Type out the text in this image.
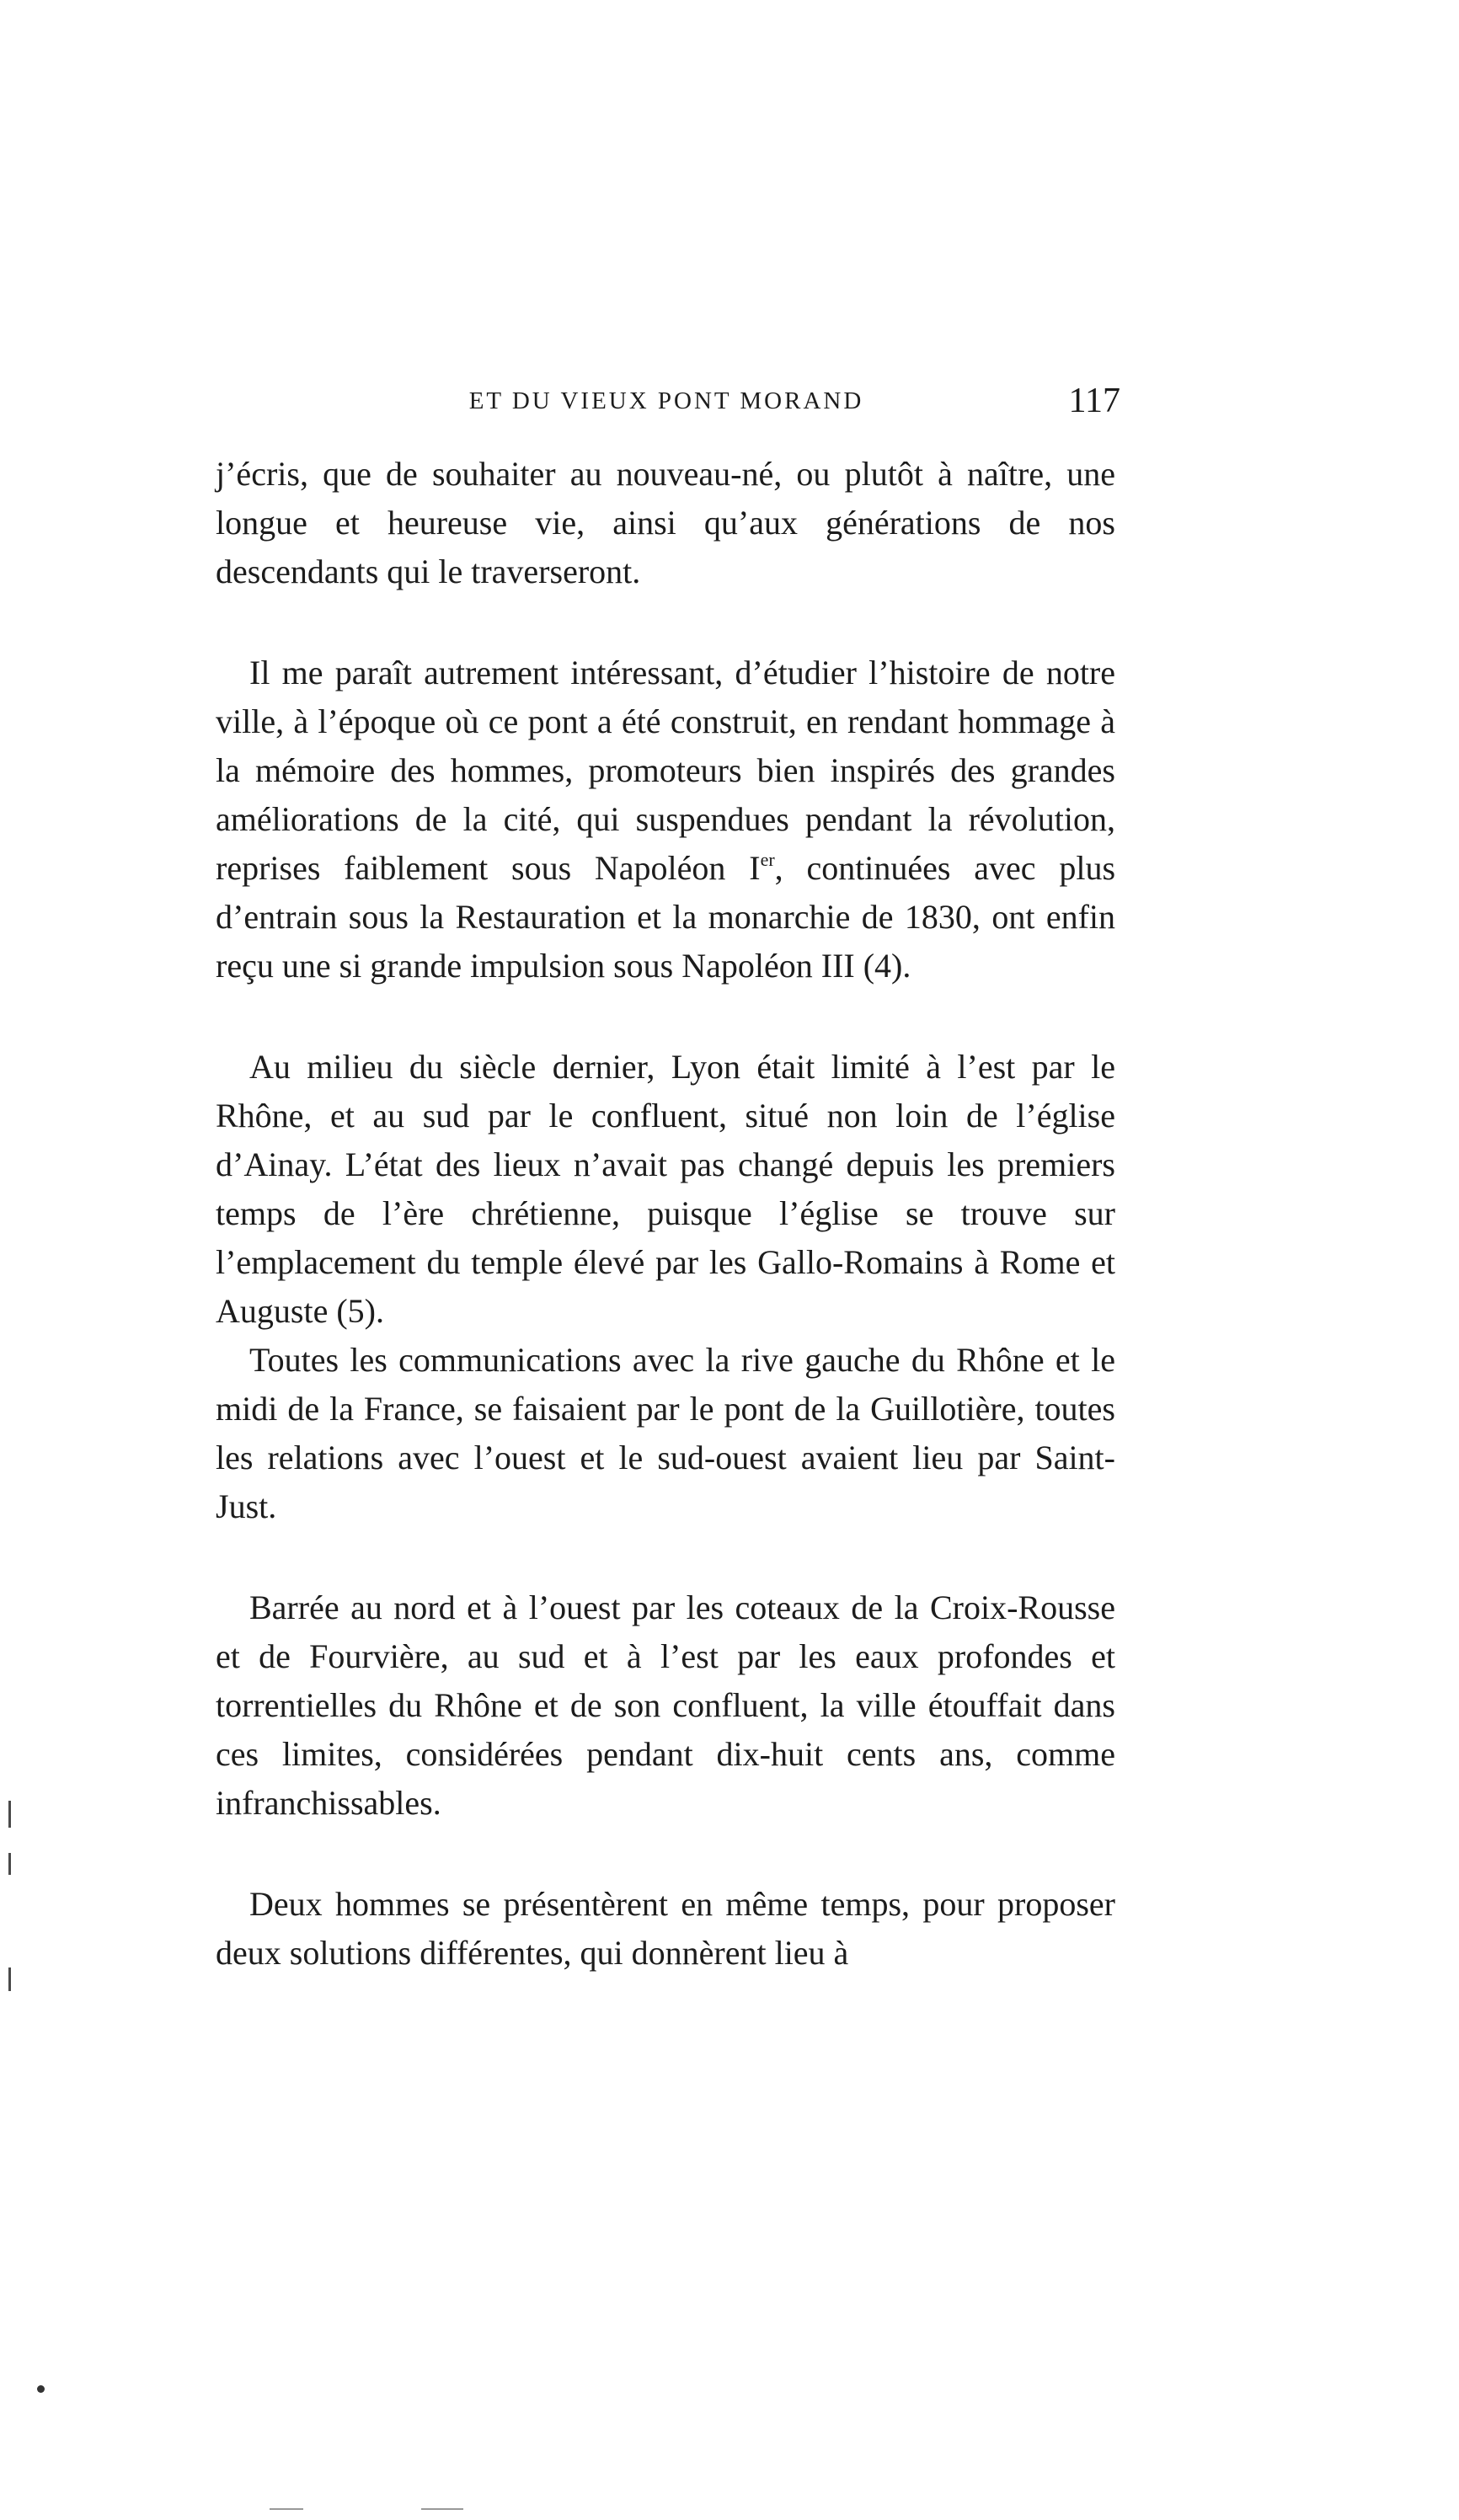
ET DU VIEUX PONT MORAND	117

j’écris, que de souhaiter au nouveau-né, ou plutôt à naître, une longue et heureuse vie, ainsi qu’aux générations de nos descendants qui le traverseront.

Il me paraît autrement intéressant, d’étudier l’histoire de notre ville, à l’époque où ce pont a été construit, en rendant hommage à la mémoire des hommes, promoteurs bien inspirés des grandes améliorations de la cité, qui suspendues pendant la révolution, reprises faiblement sous Napoléon Ier, continuées avec plus d’entrain sous la Restauration et la monarchie de 1830, ont enfin reçu une si grande impulsion sous Napoléon III (4).

Au milieu du siècle dernier, Lyon était limité à l’est par le Rhône, et au sud par le confluent, situé non loin de l’église d’Ainay. L’état des lieux n’avait pas changé depuis les premiers temps de l’ère chrétienne, puisque l’église se trouve sur l’emplacement du temple élevé par les Gallo-Romains à Rome et Auguste (5).

Toutes les communications avec la rive gauche du Rhône et le midi de la France, se faisaient par le pont de la Guillotière, toutes les relations avec l’ouest et le sud-ouest avaient lieu par Saint-Just.

Barrée au nord et à l’ouest par les coteaux de la Croix-Rousse et de Fourvière, au sud et à l’est par les eaux profondes et torrentielles du Rhône et de son confluent, la ville étouffait dans ces limites, considérées pendant dix-huit cents ans, comme infranchissables.

Deux hommes se présentèrent en même temps, pour proposer deux solutions différentes, qui donnèrent lieu à
